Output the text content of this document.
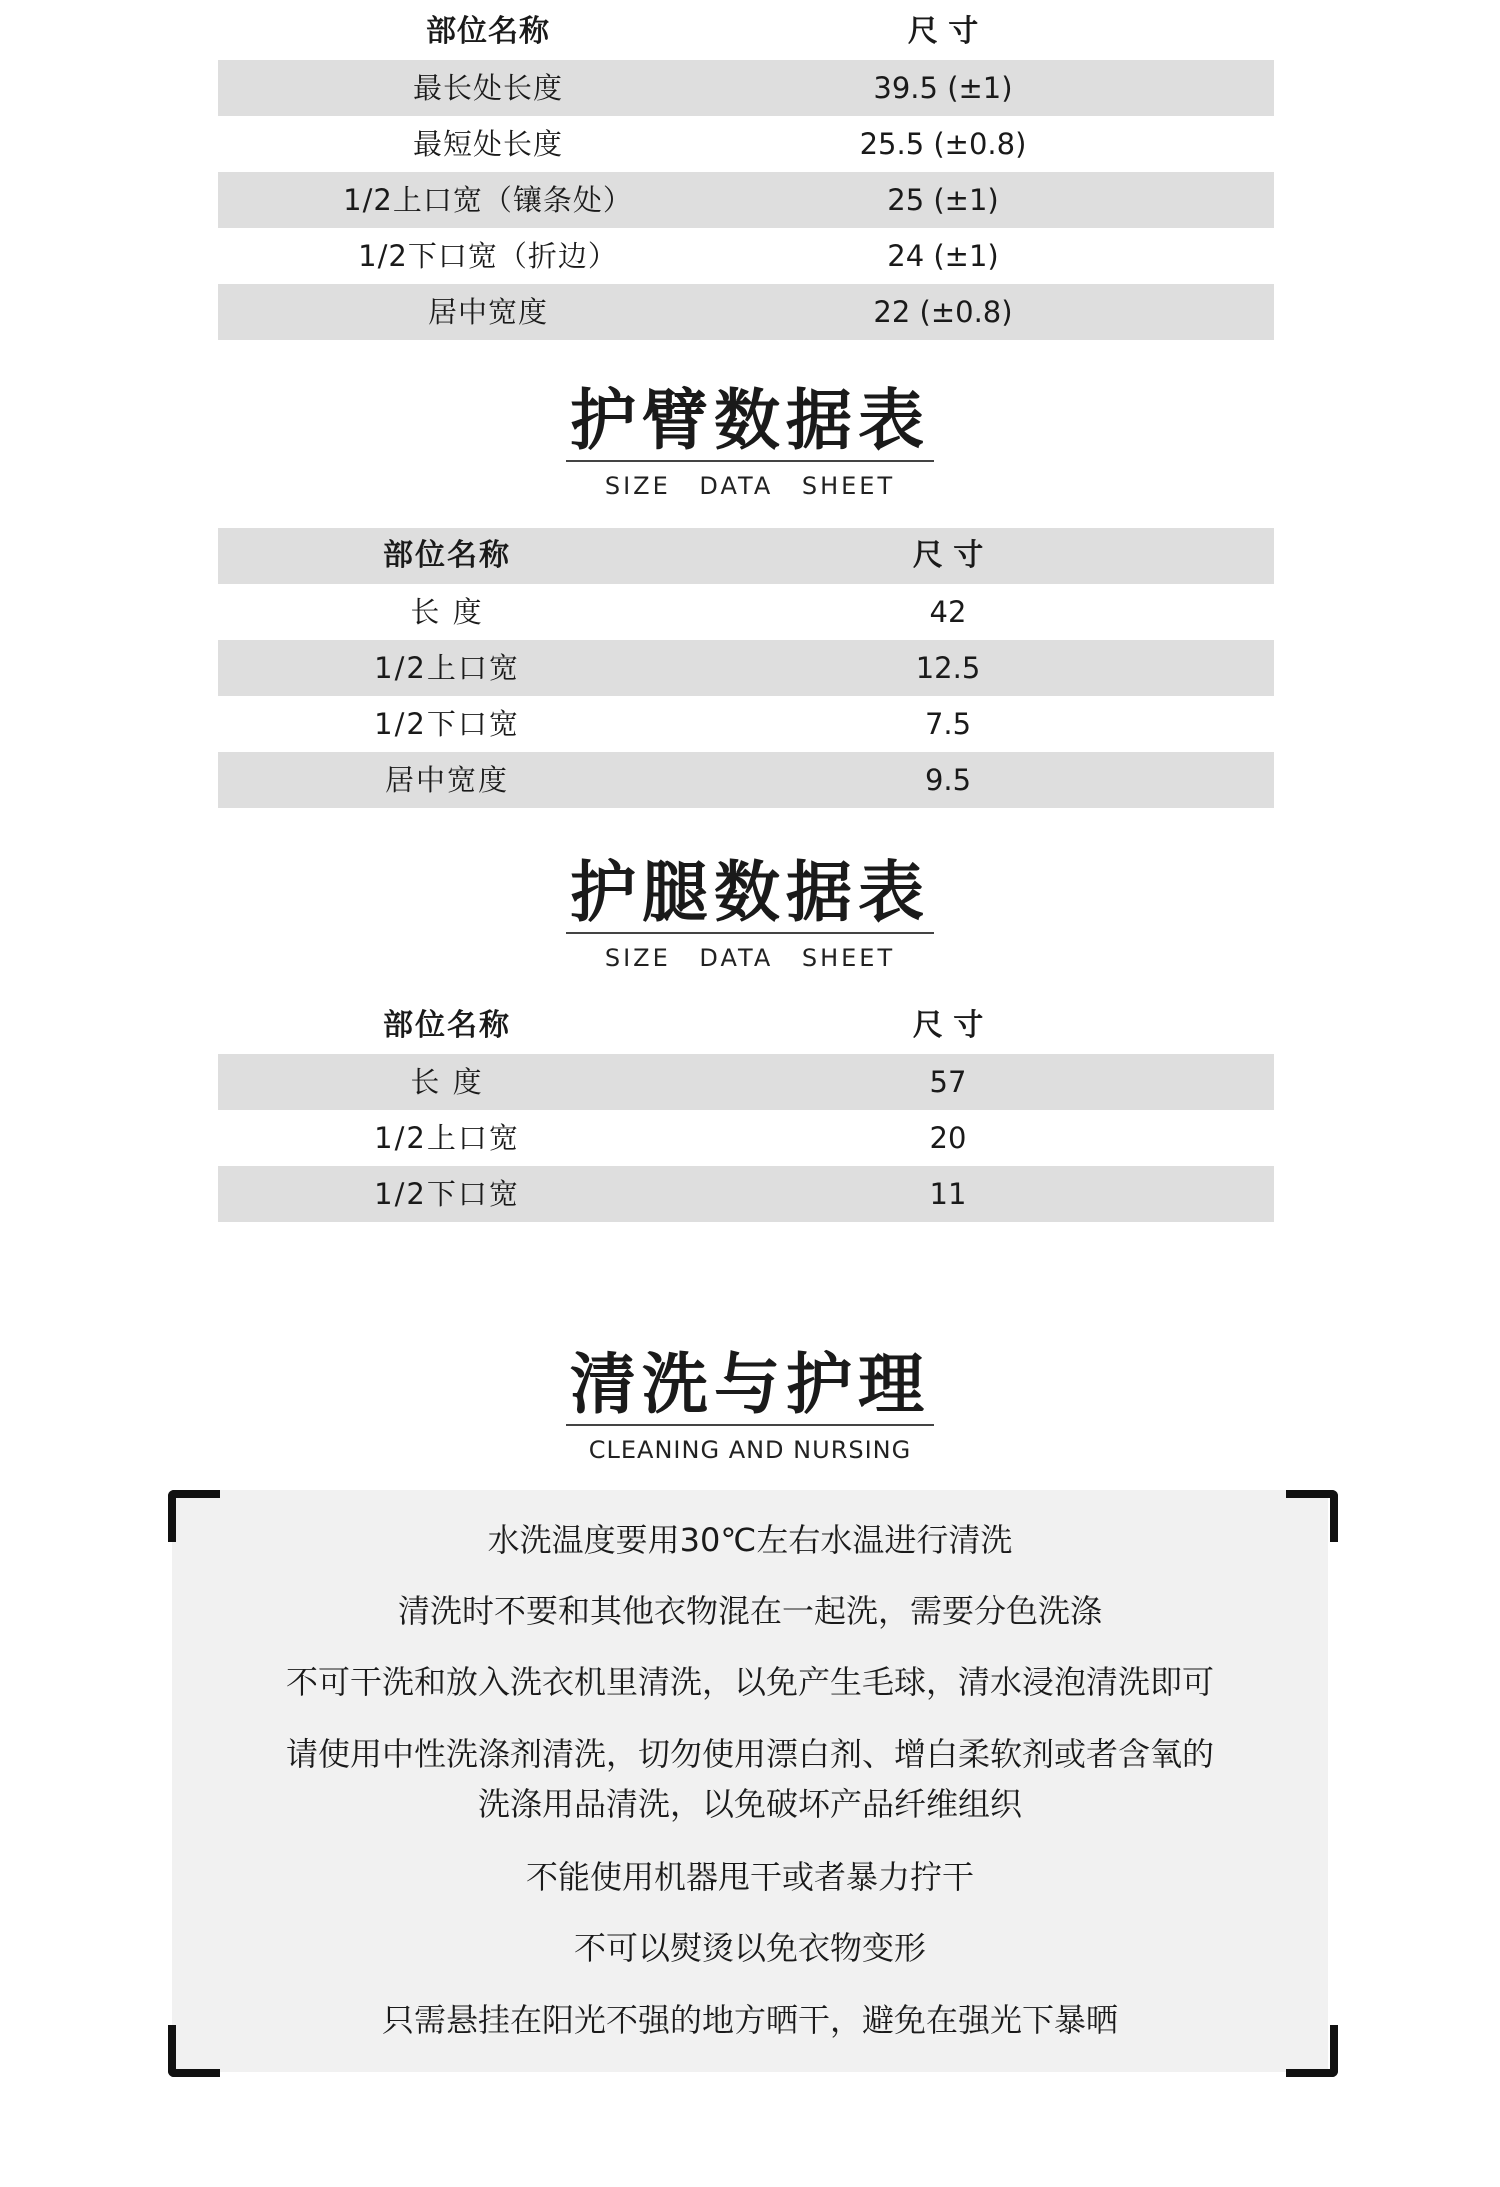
部位名称	尺 寸
最长处长度	39.5 (±1)
最短处长度	25.5 (±0.8)
1/2上口宽（镶条处）	25 (±1)
1/2下口宽（折边）	24 (±1)
居中宽度	22 (±0.8)
护臂数据表
SIZE DATA SHEET
部位名称	尺 寸
长 度	42
1/2上口宽	12.5
1/2下口宽	7.5
居中宽度	9.5
护腿数据表
SIZE DATA SHEET
部位名称	尺 寸
长 度	57
1/2上口宽	20
1/2下口宽	11
清洗与护理
CLEANING AND NURSING
水洗温度要用30℃左右水温进行清洗
清洗时不要和其他衣物混在一起洗，需要分色洗涤
不可干洗和放入洗衣机里清洗，以免产生毛球，清水浸泡清洗即可
请使用中性洗涤剂清洗，切勿使用漂白剂、增白柔软剂或者含氧的
洗涤用品清洗，以免破坏产品纤维组织
不能使用机器甩干或者暴力拧干
不可以熨烫以免衣物变形
只需悬挂在阳光不强的地方晒干，避免在强光下暴晒
